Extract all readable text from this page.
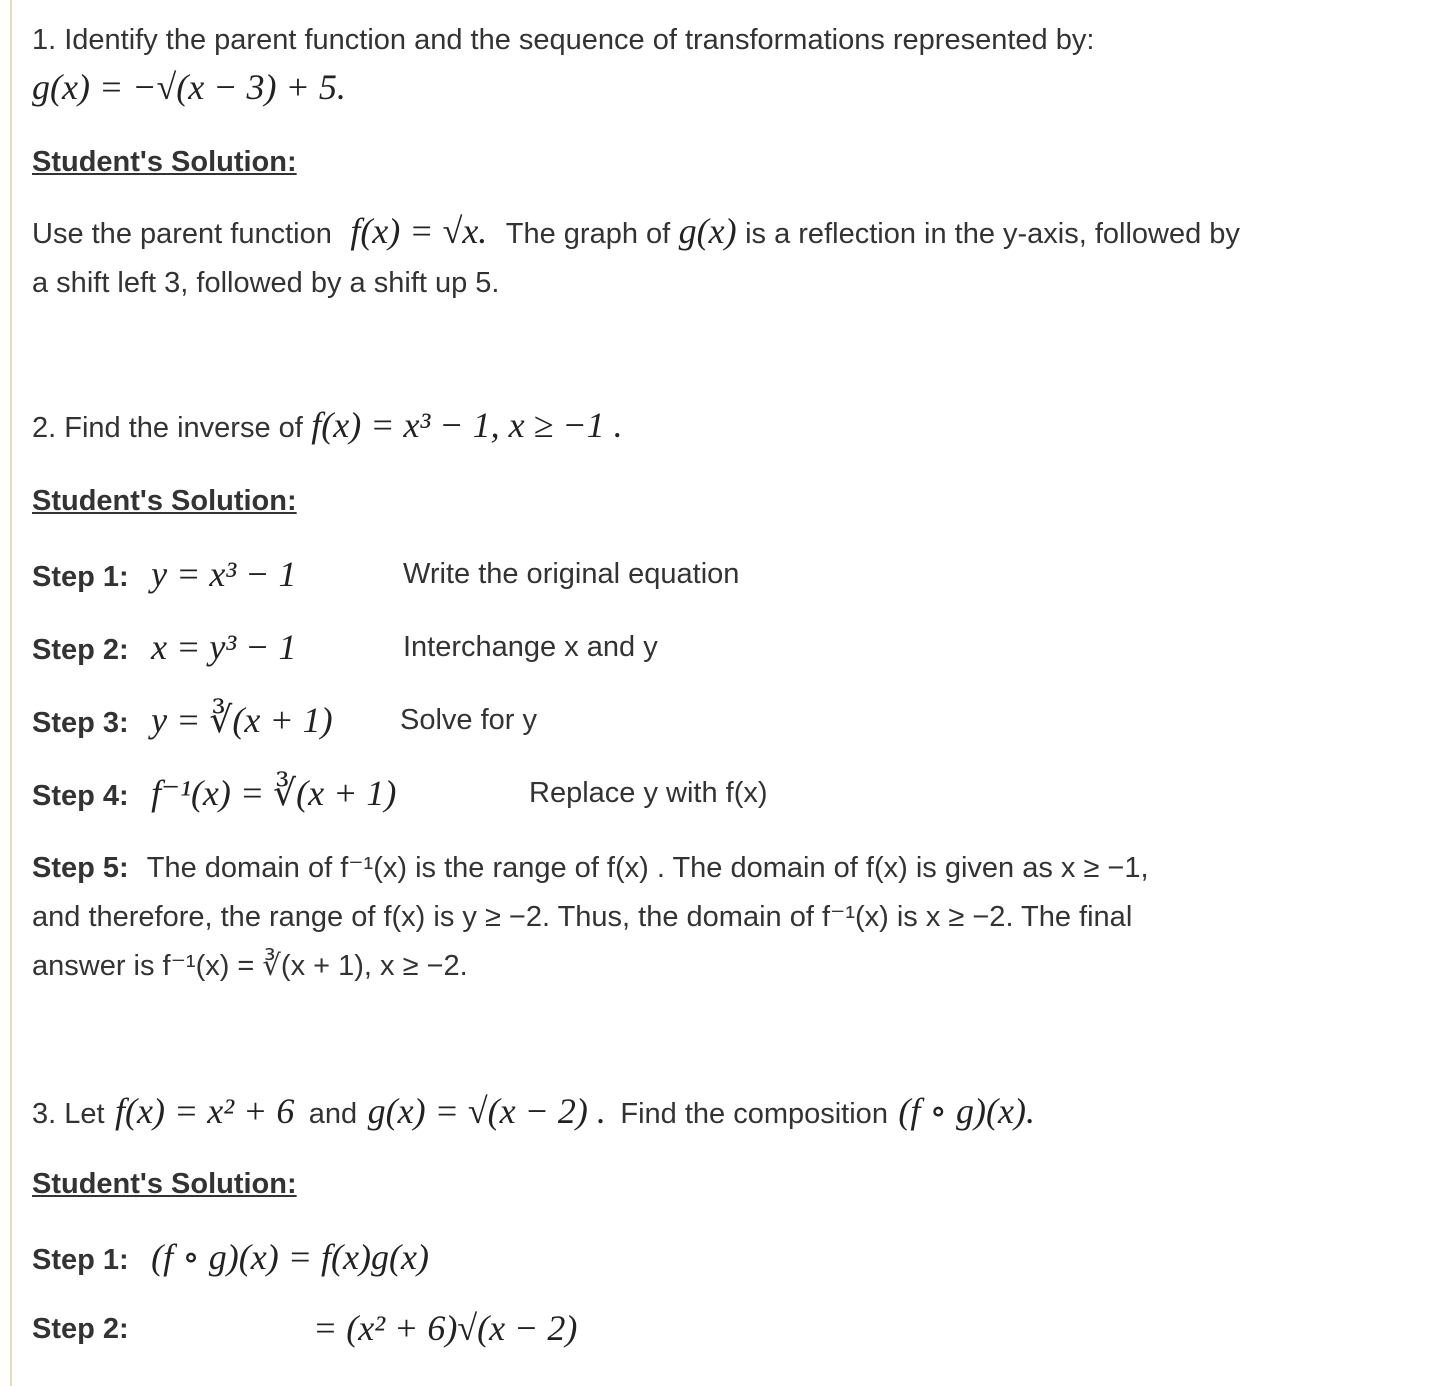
1. Identify the parent function and the sequence of transformations represented by:
g(x) = −√(x − 3) + 5.
Student's Solution:
Use the parent function f(x) = √x. The graph of g(x) is a reflection in the y-axis, followed by
a shift left 3, followed by a shift up 5.
2. Find the inverse of f(x) = x³ − 1, x ≥ −1 .
Student's Solution:
Step 1: y = x³ − 1	Write the original equation
Step 2: x = y³ − 1	Interchange x and y
Step 3: y = ∛(x + 1) Solve for y
Step 4: f⁻¹(x) = ∛(x + 1)	Replace y with f(x)
Step 5: The domain of f⁻¹(x) is the range of f(x) . The domain of f(x) is given as x ≥ −1,
and therefore, the range of f(x) is y ≥ −2. Thus, the domain of f⁻¹(x) is x ≥ −2. The final
answer is f⁻¹(x) = ∛(x + 1), x ≥ −2.
3. Let f(x) = x² + 6 and g(x) = √(x − 2) . Find the composition (f ∘ g)(x).
Student's Solution:
Step 1: (f ∘ g)(x) = f(x)g(x)
Step 2:	= (x² + 6)√(x − 2)
